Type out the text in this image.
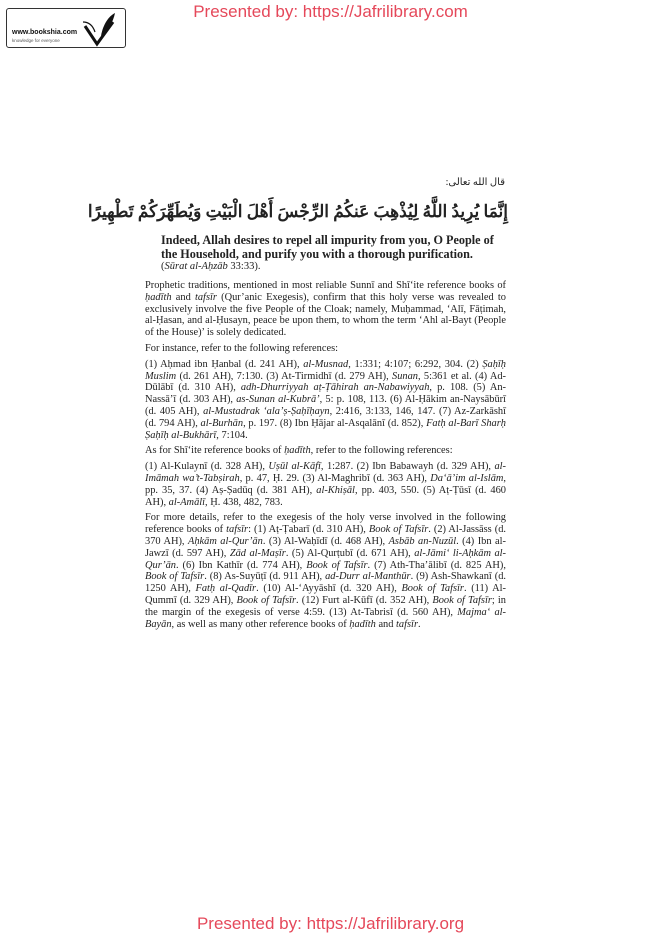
Presented by: https://Jafrilibrary.com
www.bookshia.com
knowledge for everyone
قال الله تعالى:
إِنَّمَا يُرِيدُ اللَّهُ لِيُذْهِبَ عَنكُمُ الرِّجْسَ أَهْلَ الْبَيْتِ وَيُطَهِّرَكُمْ تَطْهِيرًا
Indeed, Allah desires to repel all impurity from you, O People of the Household, and purify you with a thorough purification.
(Sūrat al-Aḥzāb 33:33).

Prophetic traditions, mentioned in most reliable Sunnī and Shī‘ite reference books of ḥadīth and tafsīr (Qur’anic Exegesis), confirm that this holy verse was revealed to exclusively involve the five People of the Cloak; namely, Muḥammad, ‘Alī, Fāṭimah, al-Ḥasan, and al-Ḥusayn, peace be upon them, to whom the term ‘Ahl al-Bayt (People of the House)’ is solely dedicated.

For instance, refer to the following references:

(1) Aḥmad ibn Ḥanbal (d. 241 AH), al-Musnad, 1:331; 4:107; 6:292, 304. (2) Ṣaḥīḥ Muslim (d. 261 AH), 7:130. (3) At-Tirmidhī (d. 279 AH), Sunan, 5:361 et al. (4) Ad-Dūlābī (d. 310 AH), adh-Dhurriyyah aṭ-Ṭāhirah an-Nabawiyyah, p. 108. (5) An-Nassā’ī (d. 303 AH), as-Sunan al-Kubrā’, 5: p. 108, 113. (6) Al-Ḥākim an-Naysābūrī (d. 405 AH), al-Mustadrak ‘ala’ṣ-Ṣaḥīḥayn, 2:416, 3:133, 146, 147. (7) Az-Zarkāshī (d. 794 AH), al-Burhān, p. 197. (8) Ibn Ḥājar al-Asqalānī (d. 852), Fatḥ al-Barī Sharḥ Ṣaḥīḥ al-Bukhārī, 7:104.

As for Shī‘ite reference books of ḥadīth, refer to the following references:

(1) Al-Kulaynī (d. 328 AH), Uṣūl al-Kāfī, 1:287. (2) Ibn Babawayh (d. 329 AH), al-Imāmah wa’t-Tabṣirah, p. 47, Ḥ. 29. (3) Al-Maghribī (d. 363 AH), Da‘ā’im al-Islām, pp. 35, 37. (4) Aṣ-Ṣadūq (d. 381 AH), al-Khiṣāl, pp. 403, 550. (5) Aṭ-Ṭūsī (d. 460 AH), al-Amālī, Ḥ. 438, 482, 783.

For more details, refer to the exegesis of the holy verse involved in the following reference books of tafsīr: (1) Aṭ-Ṭabarī (d. 310 AH), Book of Tafsīr. (2) Al-Jassāss (d. 370 AH), Aḥkām al-Qur’ān. (3) Al-Waḥīdī (d. 468 AH), Asbāb an-Nuzūl. (4) Ibn al-Jawzī (d. 597 AH), Zād al-Maṣīr. (5) Al-Qurṭubī (d. 671 AH), al-Jāmi‘ li-Aḥkām al-Qur’ān. (6) Ibn Kathīr (d. 774 AH), Book of Tafsīr. (7) Ath-Tha’ālibī (d. 825 AH), Book of Tafsīr. (8) As-Suyūṭī (d. 911 AH), ad-Durr al-Manthūr. (9) Ash-Shawkanī (d. 1250 AH), Fatḥ al-Qadīr. (10) Al-‘Ayyāshī (d. 320 AH), Book of Tafsīr. (11) Al-Qummī (d. 329 AH), Book of Tafsīr. (12) Furt al-Kūfī (d. 352 AH), Book of Tafsīr; in the margin of the exegesis of verse 4:59. (13) At-Tabrisī (d. 560 AH), Majma‘ al-Bayān, as well as many other reference books of ḥadīth and tafsīr.

Presented by: https://Jafrilibrary.org
